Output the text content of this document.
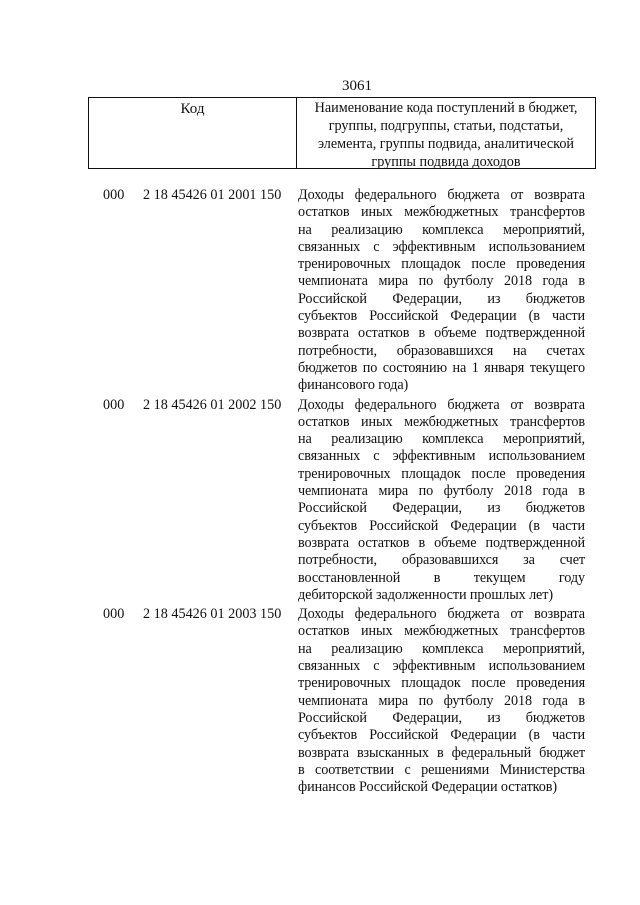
3061
Код	Наименование кода поступлений в бюджет, группы, подгруппы, статьи, подстатьи, элемента, группы подвида, аналитической группы подвида доходов
000	2 18 45426 01 2001 150	Доходы федерального бюджета от возврата
остатков иных межбюджетных трансфертов
на реализацию комплекса мероприятий,
связанных с эффективным использованием
тренировочных площадок после проведения
чемпионата мира по футболу 2018 года в
Российской Федерации, из бюджетов
субъектов Российской Федерации (в части
возврата остатков в объеме подтвержденной
потребности, образовавшихся на счетах
бюджетов по состоянию на 1 января текущего
финансового года)
000	2 18 45426 01 2002 150	Доходы федерального бюджета от возврата
остатков иных межбюджетных трансфертов
на реализацию комплекса мероприятий,
связанных с эффективным использованием
тренировочных площадок после проведения
чемпионата мира по футболу 2018 года в
Российской Федерации, из бюджетов
субъектов Российской Федерации (в части
возврата остатков в объеме подтвержденной
потребности, образовавшихся за счет
восстановленной в текущем году
дебиторской задолженности прошлых лет)
000	2 18 45426 01 2003 150	Доходы федерального бюджета от возврата
остатков иных межбюджетных трансфертов
на реализацию комплекса мероприятий,
связанных с эффективным использованием
тренировочных площадок после проведения
чемпионата мира по футболу 2018 года в
Российской Федерации, из бюджетов
субъектов Российской Федерации (в части
возврата взысканных в федеральный бюджет
в соответствии с решениями Министерства
финансов Российской Федерации остатков)
